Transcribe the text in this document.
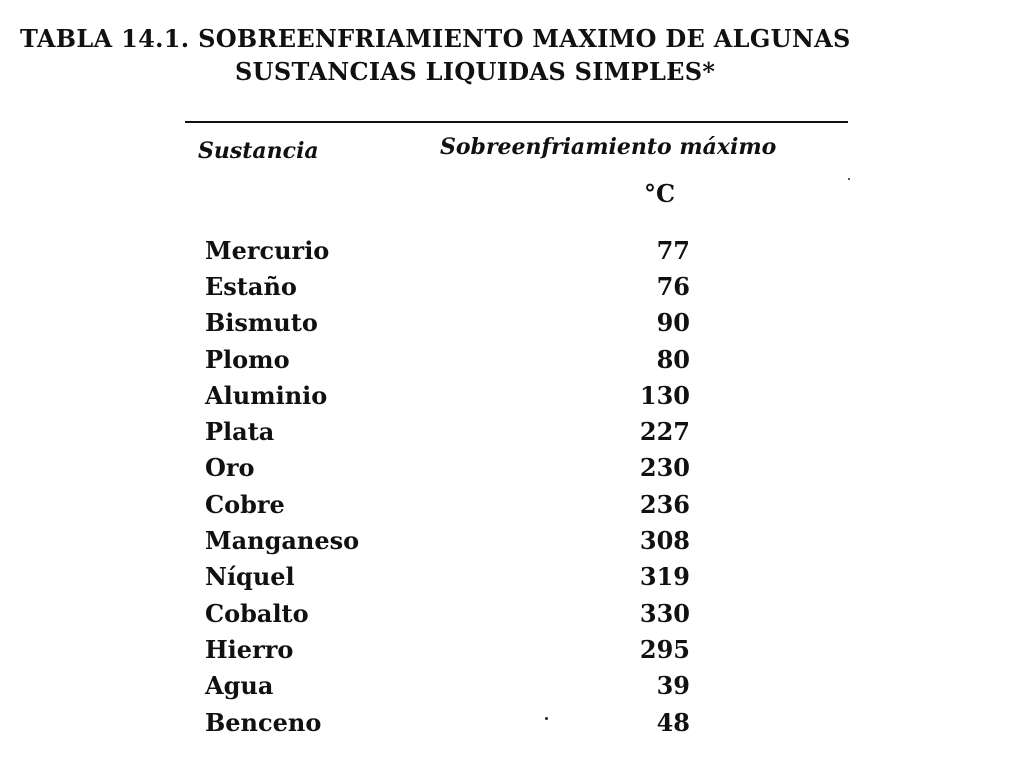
TABLA 14.1. SOBREENFRIAMIENTO MAXIMO DE ALGUNAS
SUSTANCIAS LIQUIDAS SIMPLES*
Sustancia	Sobreenfriamiento máximo
°C
Mercurio	77
Estaño	76
Bismuto	90
Plomo	80
Aluminio	130
Plata	227
Oro	230
Cobre	236
Manganeso	308
Níquel	319
Cobalto	330
Hierro	295
Agua	39
Benceno	48
